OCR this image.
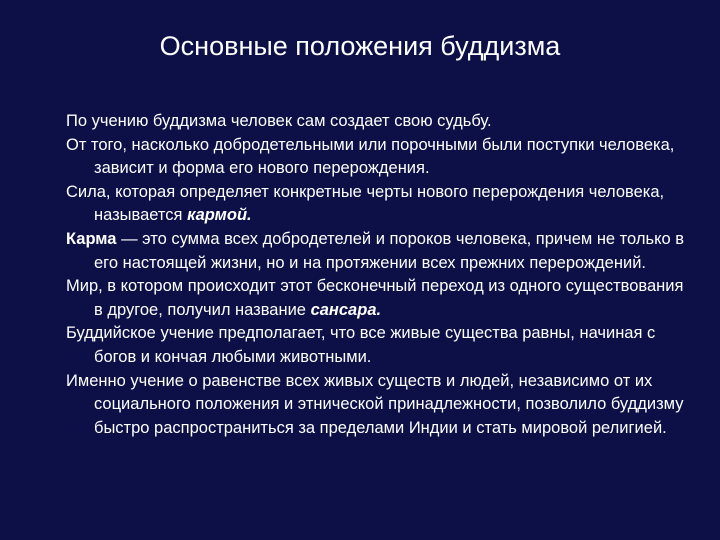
Основные положения буддизма

По учению буддизма человек сам создает свою судьбу.

От того, насколько добродетельными или порочными были поступки человека, зависит и форма его нового перерождения.

Сила, которая определяет конкретные черты нового перерождения человека, называется кармой.

Карма — это сумма всех добродетелей и пороков человека, причем не только в его настоящей жизни, но и на протяжении всех прежних перерождений.

Мир, в котором происходит этот бесконечный переход из одного существования в другое, получил название сансара.

Буддийское учение предполагает, что все живые существа равны, начиная с богов и кончая любыми животными.

Именно учение о равенстве всех живых существ и людей, независимо от их социального положения и этнической принадлежности, позволило буддизму быстро распространиться за пределами Индии и стать мировой религией.
